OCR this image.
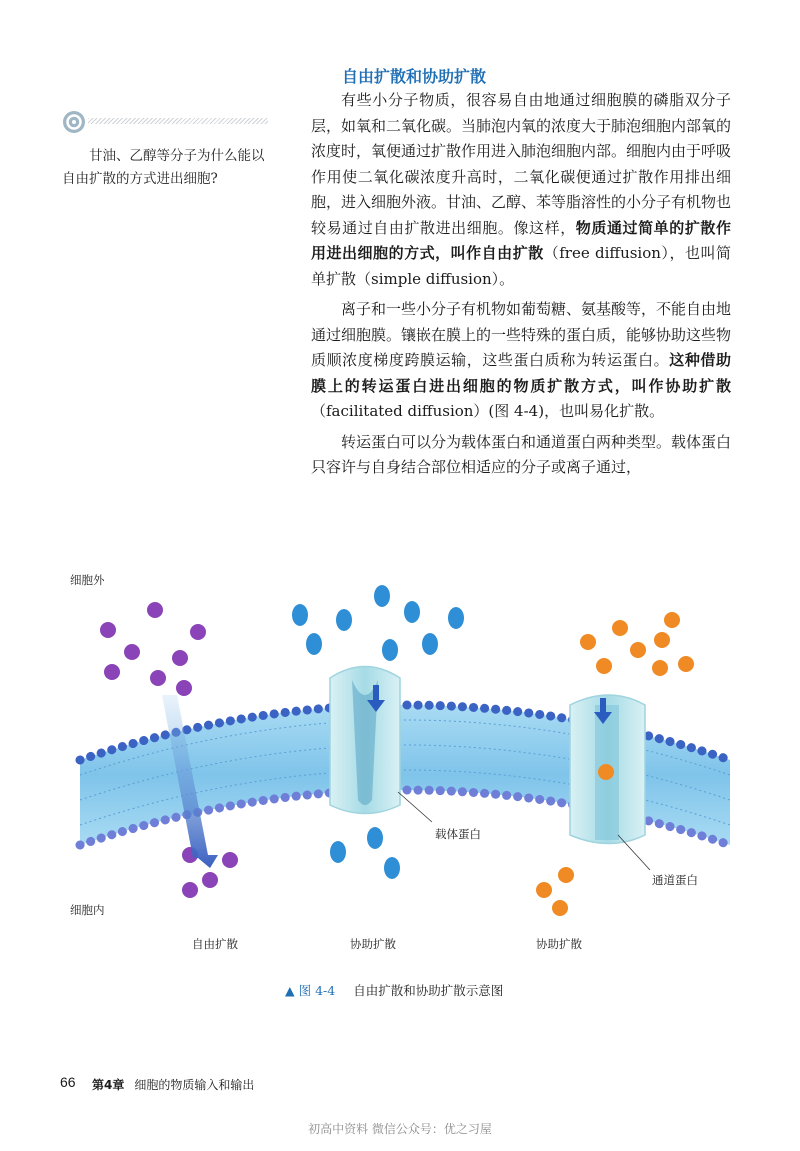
甘油、乙醇等分子为什么能以自由扩散的方式进出细胞?
自由扩散和协助扩散

有些小分子物质，很容易自由地通过细胞膜的磷脂双分子层，如氧和二氧化碳。当肺泡内氧的浓度大于肺泡细胞内部氧的浓度时，氧便通过扩散作用进入肺泡细胞内部。细胞内由于呼吸作用使二氧化碳浓度升高时，二氧化碳便通过扩散作用排出细胞，进入细胞外液。甘油、乙醇、苯等脂溶性的小分子有机物也较易通过自由扩散进出细胞。像这样，物质通过简单的扩散作用进出细胞的方式，叫作自由扩散（free diffusion），也叫简单扩散（simple diffusion）。

离子和一些小分子有机物如葡萄糖、氨基酸等，不能自由地通过细胞膜。镶嵌在膜上的一些特殊的蛋白质，能够协助这些物质顺浓度梯度跨膜运输，这些蛋白质称为转运蛋白。这种借助膜上的转运蛋白进出细胞的物质扩散方式，叫作协助扩散（facilitated diffusion）(图 4-4)，也叫易化扩散。

转运蛋白可以分为载体蛋白和通道蛋白两种类型。载体蛋白只容许与自身结合部位相适应的分子或离子通过，

细胞外
细胞内
载体蛋白
通道蛋白
自由扩散	协助扩散	协助扩散
▲ 图 4-4 自由扩散和协助扩散示意图
66 第4章 细胞的物质输入和输出
初高中资料 微信公众号：优之习屋
